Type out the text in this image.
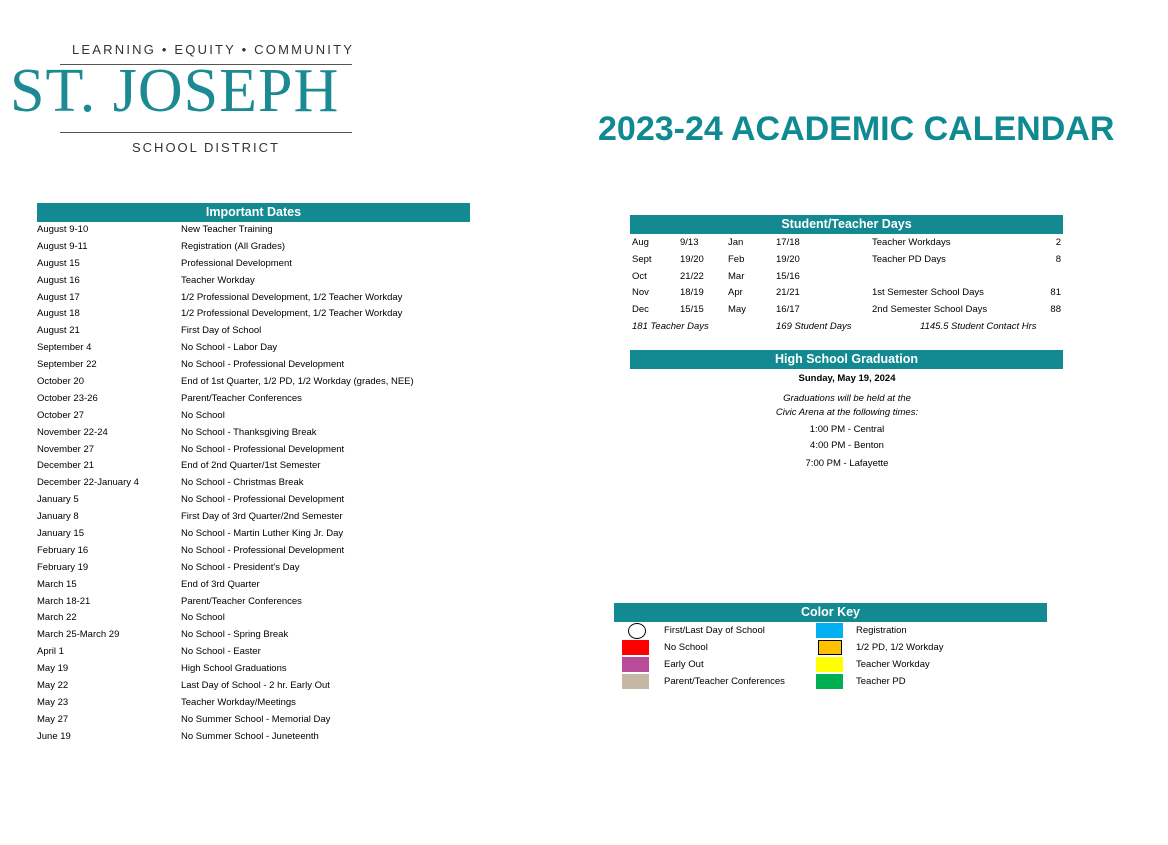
LEARNING • EQUITY • COMMUNITY
ST. JOSEPH
SCHOOL DISTRICT	2023-24 ACADEMIC CALENDAR
Important Dates
August 9-10	New Teacher Training
August 9-11	Registration (All Grades)
August 15	Professional Development
August 16	Teacher Workday
August 17	1/2 Professional Development, 1/2 Teacher Workday
August 18	1/2 Professional Development, 1/2 Teacher Workday
August 21	First Day of School
September 4	No School - Labor Day
September 22	No School - Professional Development
October 20	End of 1st Quarter, 1/2 PD, 1/2 Workday (grades, NEE)
October 23-26	Parent/Teacher Conferences
October 27	No School
November 22-24	No School - Thanksgiving Break
November 27	No School - Professional Development
December 21	End of 2nd Quarter/1st Semester
December 22-January 4	No School - Christmas Break
January 5	No School - Professional Development
January 8	First Day of 3rd Quarter/2nd Semester
January 15	No School - Martin Luther King Jr. Day
February 16	No School - Professional Development
February 19	No School - President's Day
March 15	End of 3rd Quarter
March 18-21	Parent/Teacher Conferences
March 22	No School
March 25-March 29	No School - Spring Break
April 1	No School - Easter
May 19	High School Graduations
May 22	Last Day of School - 2 hr. Early Out
May 23	Teacher Workday/Meetings
May 27	No Summer School - Memorial Day
June 19	No Summer School - Juneteenth
Student/Teacher Days
Aug	9/13	Jan	17/18	Teacher Workdays	2
Sept	19/20	Feb	19/20	Teacher PD Days	8
Oct	21/22	Mar	15/16
Nov	18/19	Apr	21/21	1st Semester School Days	81
Dec	15/15	May	16/17	2nd Semester School Days	88
181 Teacher Days	169 Student Days	1145.5 Student Contact Hrs
High School Graduation
Sunday, May 19, 2024
Graduations will be held at the
Civic Arena at the following times:
1:00 PM - Central
4:00 PM - Benton
7:00 PM - Lafayette
Color Key
First/Last Day of School	Registration
No School	1/2 PD, 1/2 Workday
Early Out	Teacher Workday
Parent/Teacher Conferences	Teacher PD
